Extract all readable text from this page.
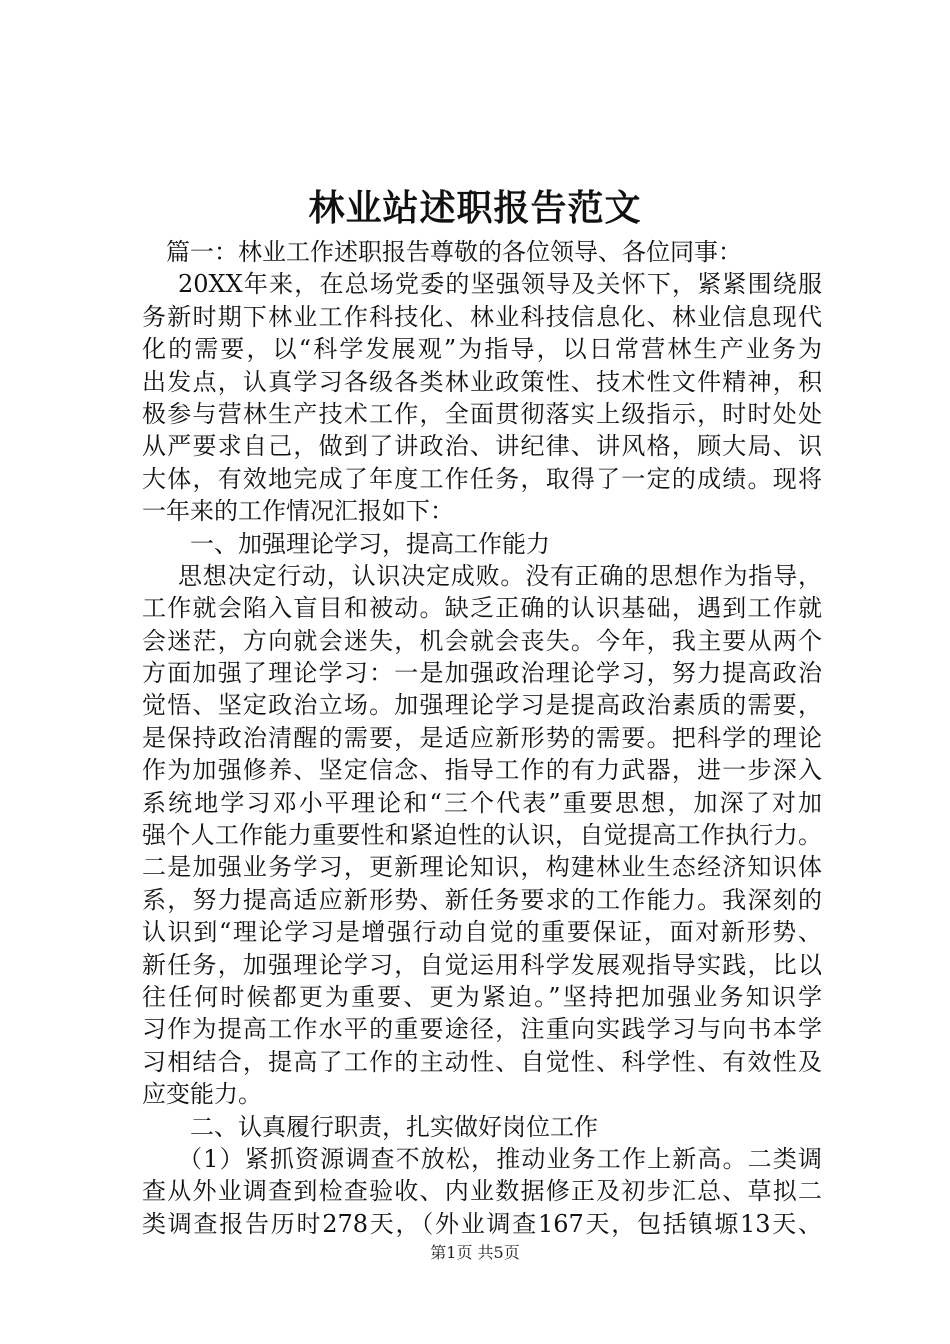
林业站述职报告范文
篇一：林业工作述职报告尊敬的各位领导、各位同事：
20XX年来，在总场党委的坚强领导及关怀下，紧紧围绕服
务新时期下林业工作科技化、林业科技信息化、林业信息现代
化的需要，以“科学发展观”为指导，以日常营林生产业务为
出发点，认真学习各级各类林业政策性、技术性文件精神，积
极参与营林生产技术工作，全面贯彻落实上级指示，时时处处
从严要求自己，做到了讲政治、讲纪律、讲风格，顾大局、识
大体，有效地完成了年度工作任务，取得了一定的成绩。现将
一年来的工作情况汇报如下：
一、加强理论学习，提高工作能力
思想决定行动，认识决定成败。没有正确的思想作为指导，
工作就会陷入盲目和被动。缺乏正确的认识基础，遇到工作就
会迷茫，方向就会迷失，机会就会丧失。今年，我主要从两个
方面加强了理论学习：一是加强政治理论学习，努力提高政治
觉悟、坚定政治立场。加强理论学习是提高政治素质的需要，
是保持政治清醒的需要，是适应新形势的需要。把科学的理论
作为加强修养、坚定信念、指导工作的有力武器，进一步深入
系统地学习邓小平理论和“三个代表”重要思想，加深了对加
强个人工作能力重要性和紧迫性的认识，自觉提高工作执行力。
二是加强业务学习，更新理论知识，构建林业生态经济知识体
系，努力提高适应新形势、新任务要求的工作能力。我深刻的
认识到“理论学习是增强行动自觉的重要保证，面对新形势、
新任务，加强理论学习，自觉运用科学发展观指导实践，比以
往任何时候都更为重要、更为紧迫。”坚持把加强业务知识学
习作为提高工作水平的重要途径，注重向实践学习与向书本学
习相结合，提高了工作的主动性、自觉性、科学性、有效性及
应变能力。
二、认真履行职责，扎实做好岗位工作
（1）紧抓资源调查不放松，推动业务工作上新高。二类调
查从外业调查到检查验收、内业数据修正及初步汇总、草拟二
类调查报告历时278天，（外业调查167天，包括镇塬13天、
第1页 共5页
